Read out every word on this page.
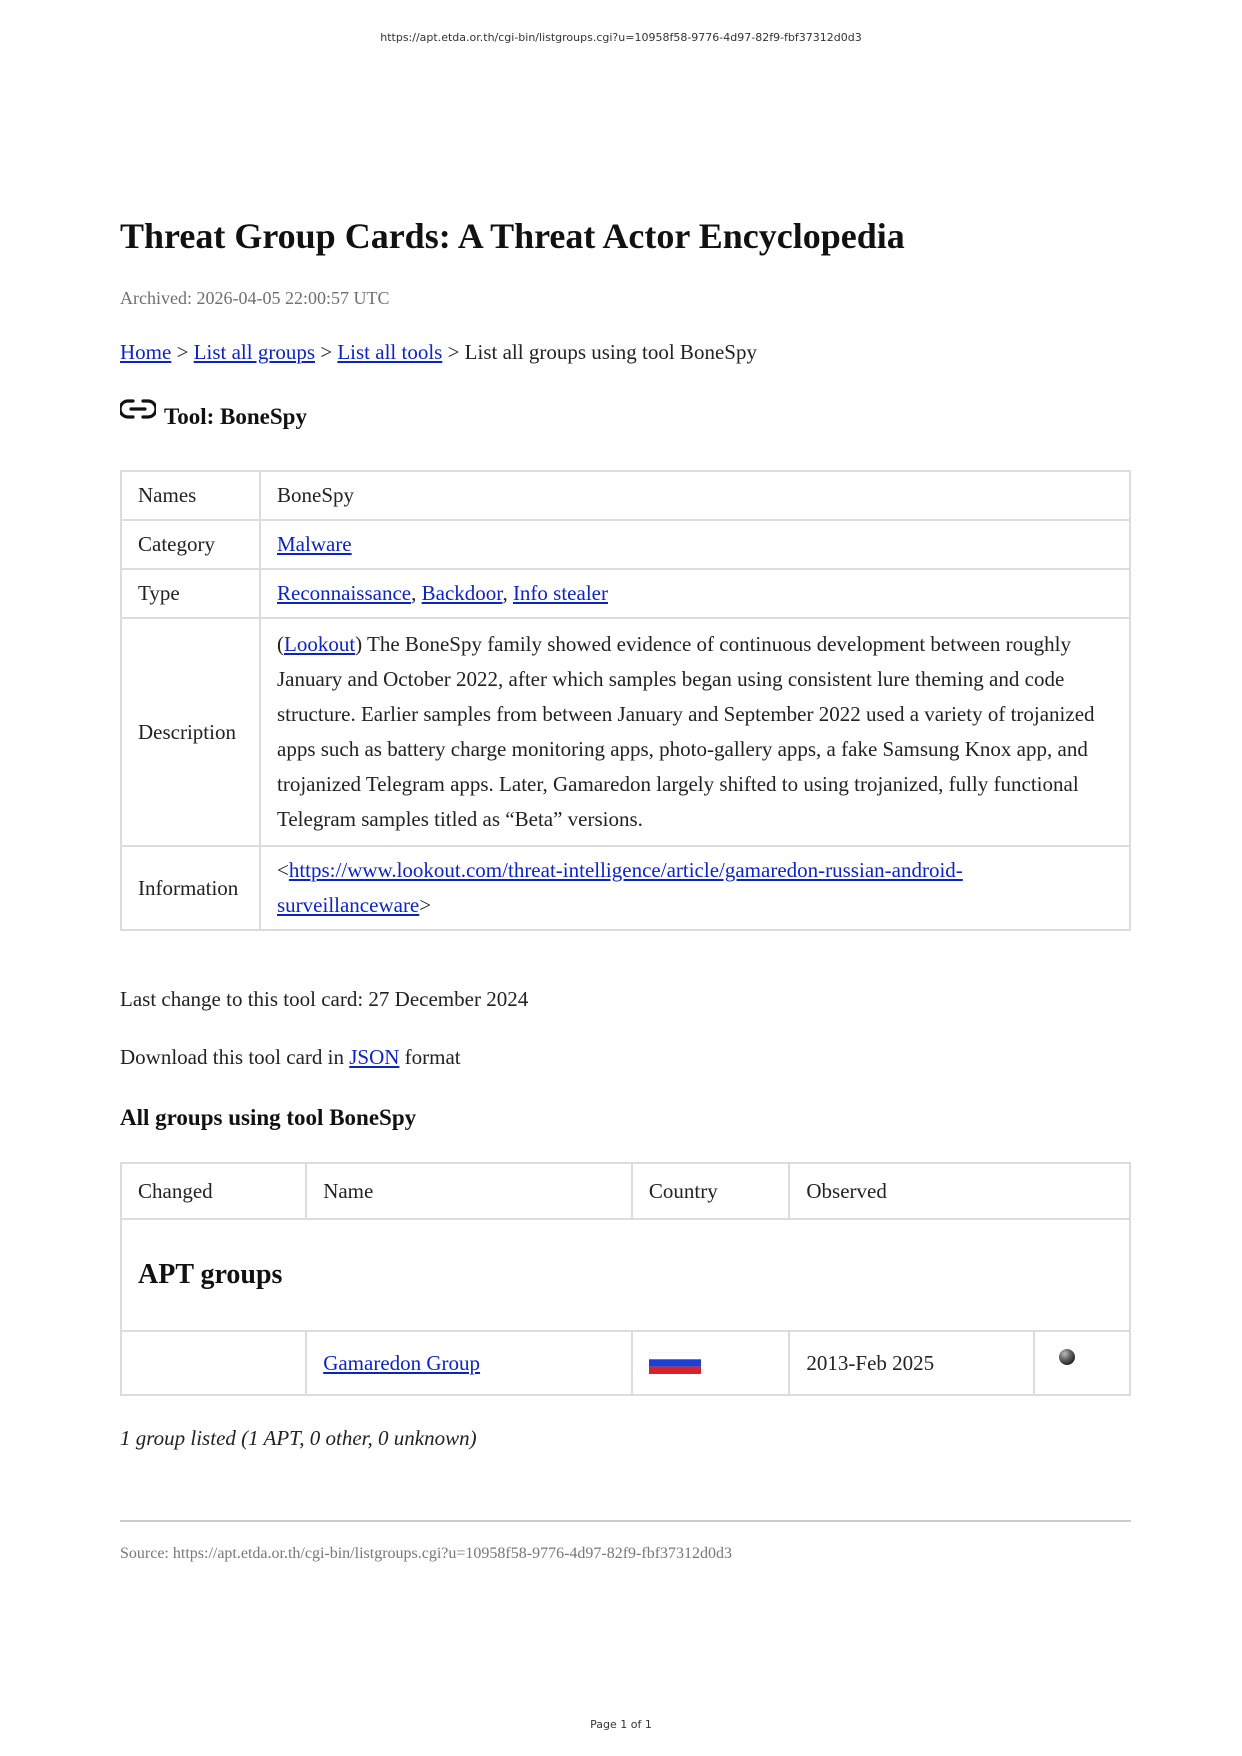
https://apt.etda.or.th/cgi-bin/listgroups.cgi?u=10958f58-9776-4d97-82f9-fbf37312d0d3
Threat Group Cards: A Threat Actor Encyclopedia
Archived: 2026-04-05 22:00:57 UTC
Home > List all groups > List all tools > List all groups using tool BoneSpy
Tool: BoneSpy
Names	BoneSpy
Category	Malware
Type	Reconnaissance, Backdoor, Info stealer
Description	(Lookout) The BoneSpy family showed evidence of continuous development between roughly January and October 2022, after which samples began using consistent lure theming and code structure. Earlier samples from between January and September 2022 used a variety of trojanized apps such as battery charge monitoring apps, photo-gallery apps, a fake Samsung Knox app, and trojanized Telegram apps. Later, Gamaredon largely shifted to using trojanized, fully functional Telegram samples titled as “Beta” versions.
Information	<https://www.lookout.com/threat-intelligence/article/gamaredon-russian-android-surveillanceware>
Last change to this tool card: 27 December 2024
Download this tool card in JSON format
All groups using tool BoneSpy
Changed	Name	Country	Observed	
APT groups				
	Gamaredon Group		2013-Feb 2025	
1 group listed (1 APT, 0 other, 0 unknown)
Source: https://apt.etda.or.th/cgi-bin/listgroups.cgi?u=10958f58-9776-4d97-82f9-fbf37312d0d3
Page 1 of 1
